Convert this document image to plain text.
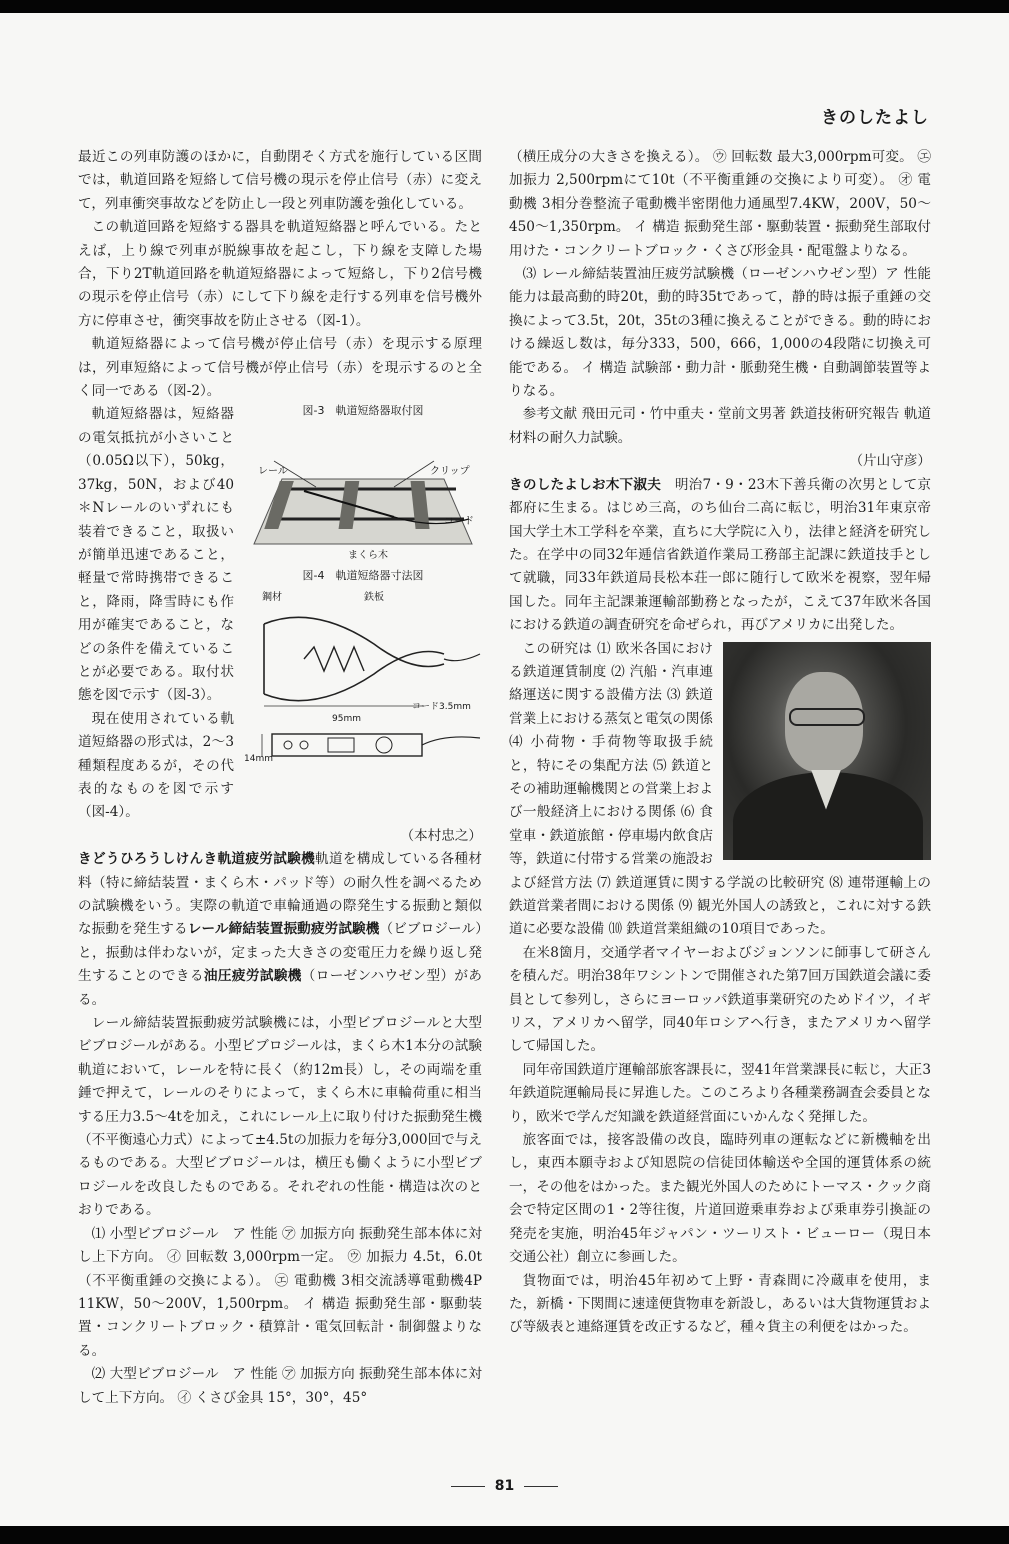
きのしたよし

最近この列車防護のほかに，自動閉そく方式を施行している区間では，軌道回路を短絡して信号機の現示を停止信号（赤）に変えて，列車衝突事故などを防止し一段と列車防護を強化している。

この軌道回路を短絡する器具を軌道短絡器と呼んでいる。たとえば，上り線で列車が脱線事故を起こし，下り線を支障した場合，下り2T軌道回路を軌道短絡器によって短絡し，下り2信号機の現示を停止信号（赤）にして下り線を走行する列車を信号機外方に停車させ，衝突事故を防止させる（図-1）。

軌道短絡器によって信号機が停止信号（赤）を現示する原理は，列車短絡によって信号機が停止信号（赤）を現示するのと全く同一である（図-2）。

図-3　軌道短絡器取付図
レール	クリップ
コード
まくら木
図-4　軌道短絡器寸法図
鋼材	鉄板
コード3.5mm
95mm
14mm

軌道短絡器は，短絡器の電気抵抗が小さいこと（0.05Ω以下），50kg，37kg，50N，および40＊Nレールのいずれにも装着できること，取扱いが簡単迅速であること，軽量で常時携帯できること，降雨，降雪時にも作用が確実であること，などの条件を備えていることが必要である。取付状態を図で示す（図-3）。

現在使用されている軌道短絡器の形式は，2～3種類程度あるが，その代表的なものを図で示す（図-4）。

（本村忠之）

きどうひろうしけんき軌道疲労試験機軌道を構成している各種材料（特に締結装置・まくら木・パッド等）の耐久性を調べるための試験機をいう。実際の軌道で車輪通過の際発生する振動と類似な振動を発生するレール締結装置振動疲労試験機（ビブロジール）と，振動は伴わないが，定まった大きさの変電圧力を繰り返し発生することのできる油圧疲労試験機（ローゼンハウゼン型）がある。

レール締結装置振動疲労試験機には，小型ビブロジールと大型ビブロジールがある。小型ビブロジールは，まくら木1本分の試験軌道において，レールを特に長く（約12m長）し，その両端を重錘で押えて，レールのそりによって，まくら木に車輪荷重に相当する圧力3.5～4tを加え，これにレール上に取り付けた振動発生機（不平衡遠心力式）によって±4.5tの加振力を毎分3,000回で与えるものである。大型ビブロジールは，横圧も働くように小型ビブロジールを改良したものである。それぞれの性能・構造は次のとおりである。

⑴ 小型ビブロジール　ア 性能 ㋐ 加振方向 振動発生部本体に対し上下方向。 ㋑ 回転数 3,000rpm一定。 ㋒ 加振力 4.5t，6.0t（不平衡重錘の交換による）。 ㋓ 電動機 3相交流誘導電動機4P 11KW，50～200V，1,500rpm。 イ 構造 振動発生部・駆動装置・コンクリートブロック・積算計・電気回転計・制御盤よりなる。

⑵ 大型ビブロジール　ア 性能 ㋐ 加振方向 振動発生部本体に対して上下方向。 ㋑ くさび金具 15°，30°，45°

（横圧成分の大きさを換える）。 ㋒ 回転数 最大3,000rpm可変。 ㋓ 加振力 2,500rpmにて10t（不平衡重錘の交換により可変）。 ㋔ 電動機 3相分巻整流子電動機半密閉他力通風型7.4KW，200V，50～450～1,350rpm。 イ 構造 振動発生部・駆動装置・振動発生部取付用けた・コンクリートブロック・くさび形金具・配電盤よりなる。

⑶ レール締結装置油圧疲労試験機（ローゼンハウゼン型）ア 性能 能力は最高動的時20t，動的時35tであって，静的時は振子重錘の交換によって3.5t，20t，35tの3種に換えることができる。動的時における繰返し数は，毎分333，500，666，1,000の4段階に切換え可能である。 イ 構造 試験部・動力計・脈動発生機・自動調節装置等よりなる。

参考文献 飛田元司・竹中重夫・堂前文男著 鉄道技術研究報告 軌道材料の耐久力試験。

（片山守彦）

きのしたよしお木下淑夫　 明治7・9・23木下善兵衛の次男として京都府に生まる。はじめ三高，のち仙台二高に転じ，明治31年東京帝国大学土木工学科を卒業，直ちに大学院に入り，法律と経済を研究した。在学中の同32年逓信省鉄道作業局工務部主記課に鉄道技手として就職，同33年鉄道局長松本荘一郎に随行して欧米を視察，翌年帰国した。同年主記課兼運輸部勤務となったが，こえて37年欧米各国における鉄道の調査研究を命ぜられ，再びアメリカに出発した。

この研究は ⑴ 欧米各国における鉄道運賃制度 ⑵ 汽船・汽車連絡運送に関する設備方法 ⑶ 鉄道営業上における蒸気と電気の関係 ⑷ 小荷物・手荷物等取扱手続と，特にその集配方法 ⑸ 鉄道とその補助運輸機関との営業上および一般経済上における関係 ⑹ 食堂車・鉄道旅館・停車場内飲食店等，鉄道に付帯する営業の施設および経営方法 ⑺ 鉄道運賃に関する学説の比較研究 ⑻ 連帯運輸上の鉄道営業者間における関係 ⑼ 観光外国人の誘致と，これに対する鉄道に必要な設備 ⑽ 鉄道営業組織の10項目であった。

在米8箇月，交通学者マイヤーおよびジョンソンに師事して研さんを積んだ。明治38年ワシントンで開催された第7回万国鉄道会議に委員として参列し，さらにヨーロッパ鉄道事業研究のためドイツ，イギリス，アメリカへ留学，同40年ロシアへ行き，またアメリカへ留学して帰国した。

同年帝国鉄道庁運輸部旅客課長に，翌41年営業課長に転じ，大正3年鉄道院運輸局長に昇進した。このころより各種業務調査会委員となり，欧米で学んだ知識を鉄道経営面にいかんなく発揮した。

旅客面では，接客設備の改良，臨時列車の運転などに新機軸を出し，東西本願寺および知恩院の信徒団体輸送や全国的運賃体系の統一，その他をはかった。また観光外国人のためにトーマス・クック商会で特定区間の1・2等往復，片道回遊乗車券および乗車券引換証の発売を実施，明治45年ジャパン・ツーリスト・ビューロー（現日本交通公社）創立に参画した。

貨物面では，明治45年初めて上野・青森間に冷蔵車を使用，また，新橋・下関間に速達便貨物車を新設し，あるいは大貨物運賃および等級表と連絡運賃を改正するなど，種々貨主の利便をはかった。

81
